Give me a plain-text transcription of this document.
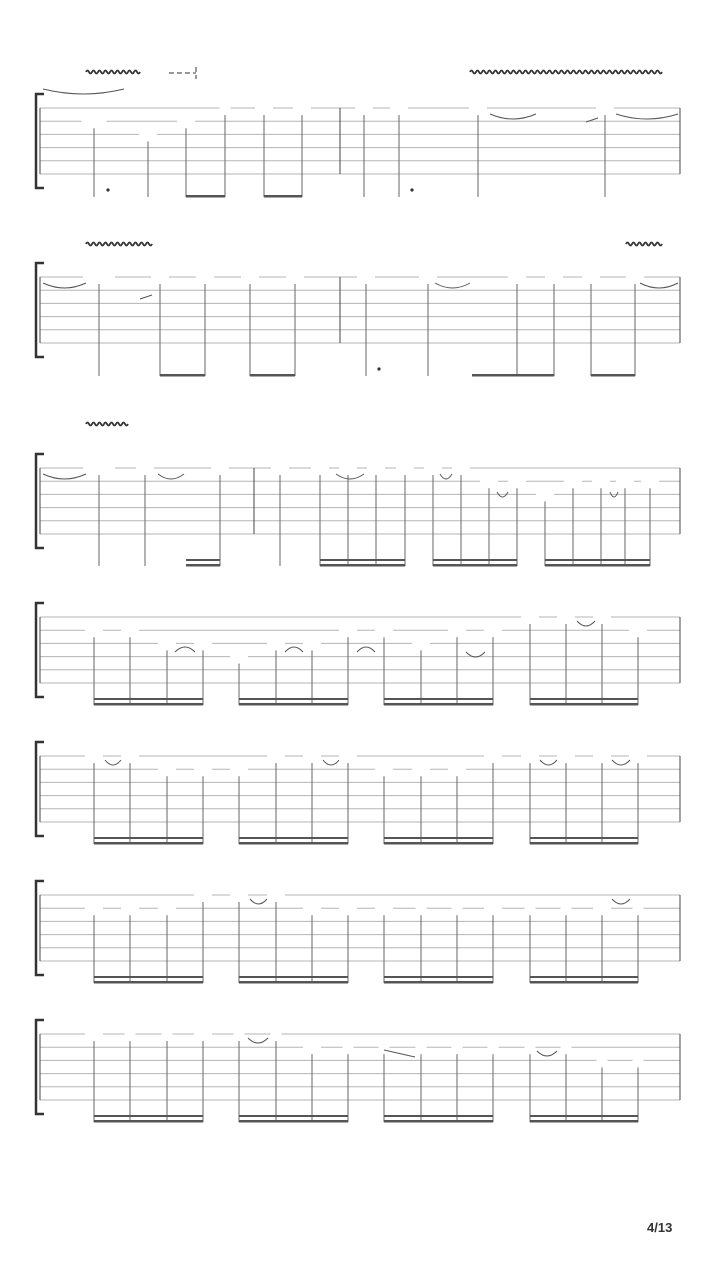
4/13
